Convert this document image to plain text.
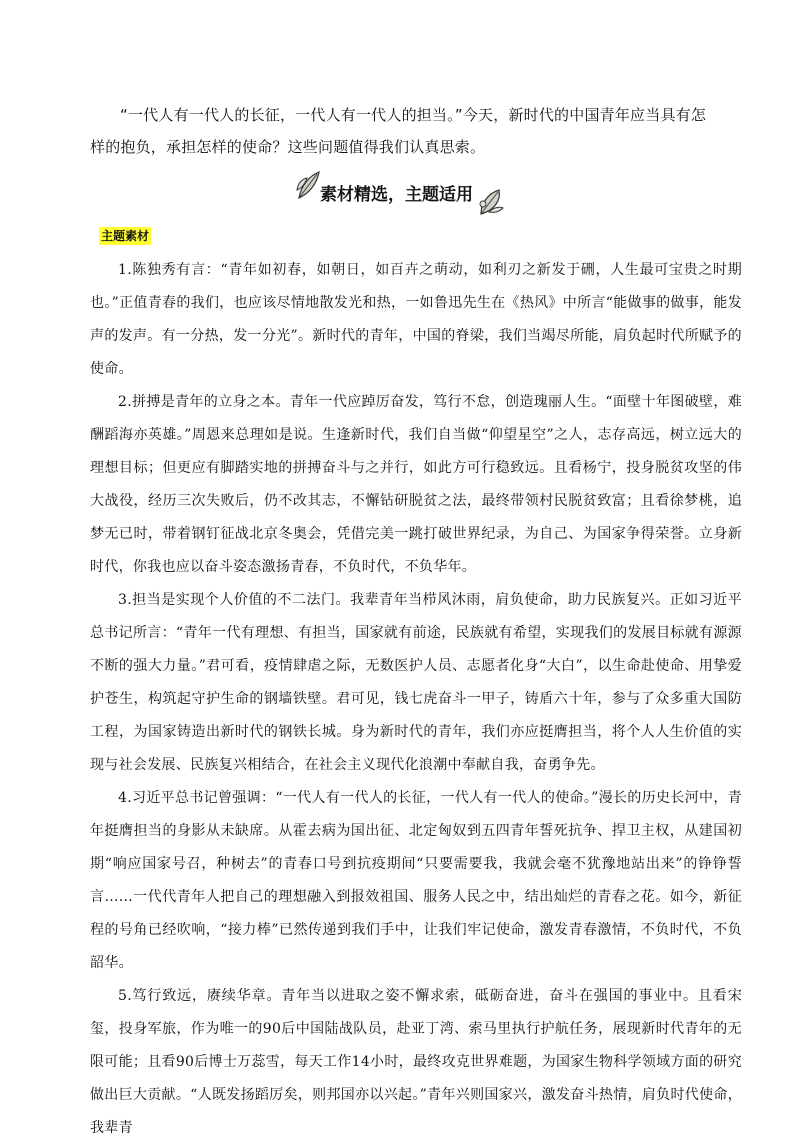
“一代人有一代人的长征，一代人有一代人的担当。”今天，新时代的中国青年应当具有怎样的抱负，承担怎样的使命？这些问题值得我们认真思索。

素材精选，主题适用
主题素材

1.陈独秀有言：“青年如初春，如朝日，如百卉之萌动，如利刃之新发于硎，人生最可宝贵之时期也。”正值青春的我们，也应该尽情地散发光和热，一如鲁迅先生在《热风》中所言“能做事的做事，能发声的发声。有一分热，发一分光”。新时代的青年，中国的脊梁，我们当竭尽所能，肩负起时代所赋予的使命。

2.拼搏是青年的立身之本。青年一代应踔厉奋发，笃行不怠，创造瑰丽人生。“面壁十年图破壁，难酬蹈海亦英雄。”周恩来总理如是说。生逢新时代，我们自当做“仰望星空”之人，志存高远，树立远大的理想目标；但更应有脚踏实地的拼搏奋斗与之并行，如此方可行稳致远。且看杨宁，投身脱贫攻坚的伟大战役，经历三次失败后，仍不改其志，不懈钻研脱贫之法，最终带领村民脱贫致富；且看徐梦桃，追梦无已时，带着钢钉征战北京冬奥会，凭借完美一跳打破世界纪录，为自己、为国家争得荣誉。立身新时代，你我也应以奋斗姿态激扬青春，不负时代，不负华年。

3.担当是实现个人价值的不二法门。我辈青年当栉风沐雨，肩负使命，助力民族复兴。正如习近平总书记所言：“青年一代有理想、有担当，国家就有前途，民族就有希望，实现我们的发展目标就有源源不断的强大力量。”君可看，疫情肆虐之际，无数医护人员、志愿者化身“大白”，以生命赴使命、用挚爱护苍生，构筑起守护生命的钢墙铁壁。君可见，钱七虎奋斗一甲子，铸盾六十年，参与了众多重大国防工程，为国家铸造出新时代的钢铁长城。身为新时代的青年，我们亦应挺膺担当，将个人人生价值的实现与社会发展、民族复兴相结合，在社会主义现代化浪潮中奉献自我，奋勇争先。

4.习近平总书记曾强调：“一代人有一代人的长征，一代人有一代人的使命。”漫长的历史长河中，青年挺膺担当的身影从未缺席。从霍去病为国出征、北定匈奴到五四青年誓死抗争、捍卫主权，从建国初期“响应国家号召，种树去”的青春口号到抗疫期间“只要需要我，我就会毫不犹豫地站出来”的铮铮誓言……一代代青年人把自己的理想融入到报效祖国、服务人民之中，结出灿烂的青春之花。如今，新征程的号角已经吹响，“接力棒”已然传递到我们手中，让我们牢记使命，激发青春激情，不负时代，不负韶华。

5.笃行致远，赓续华章。青年当以进取之姿不懈求索，砥砺奋进，奋斗在强国的事业中。且看宋玺，投身军旅，作为唯一的90后中国陆战队员，赴亚丁湾、索马里执行护航任务，展现新时代青年的无限可能；且看90后博士万蕊雪，每天工作14小时，最终攻克世界难题，为国家生物科学领域方面的研究做出巨大贡献。“人既发扬蹈厉矣，则邦国亦以兴起。”青年兴则国家兴，激发奋斗热情，肩负时代使命，我辈青
